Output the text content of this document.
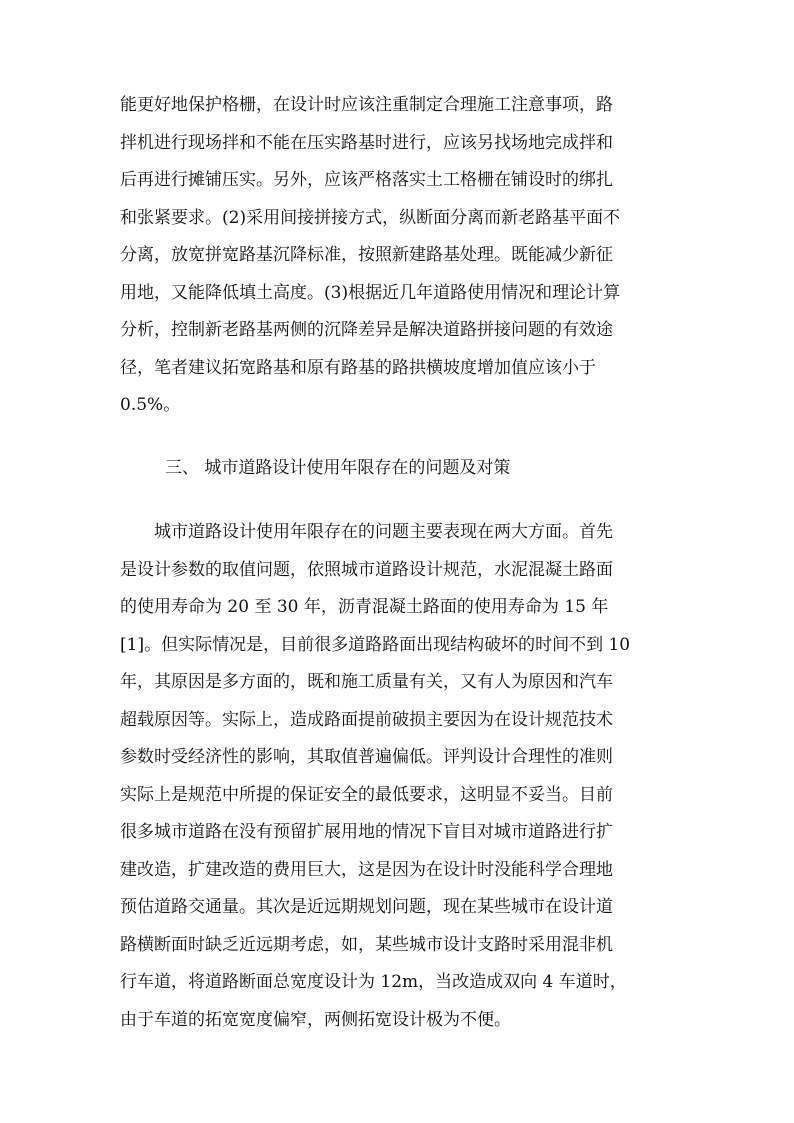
能更好地保护格栅，在设计时应该注重制定合理施工注意事项，路
拌机进行现场拌和不能在压实路基时进行，应该另找场地完成拌和
后再进行摊铺压实。另外，应该严格落实土工格栅在铺设时的绑扎
和张紧要求。(2)采用间接拼接方式，纵断面分离而新老路基平面不
分离，放宽拼宽路基沉降标准，按照新建路基处理。既能减少新征
用地，又能降低填土高度。(3)根据近几年道路使用情况和理论计算
分析，控制新老路基两侧的沉降差异是解决道路拼接问题的有效途
径，笔者建议拓宽路基和原有路基的路拱横坡度增加值应该小于
0.5%。
三、 城市道路设计使用年限存在的问题及对策
城市道路设计使用年限存在的问题主要表现在两大方面。首先
是设计参数的取值问题，依照城市道路设计规范，水泥混凝土路面
的使用寿命为 20 至 30 年，沥青混凝土路面的使用寿命为 15 年
[1]。但实际情况是，目前很多道路路面出现结构破坏的时间不到 10
年，其原因是多方面的，既和施工质量有关，又有人为原因和汽车
超载原因等。实际上，造成路面提前破损主要因为在设计规范技术
参数时受经济性的影响，其取值普遍偏低。评判设计合理性的准则
实际上是规范中所提的保证安全的最低要求，这明显不妥当。目前
很多城市道路在没有预留扩展用地的情况下盲目对城市道路进行扩
建改造，扩建改造的费用巨大，这是因为在设计时没能科学合理地
预估道路交通量。其次是近远期规划问题，现在某些城市在设计道
路横断面时缺乏近远期考虑，如，某些城市设计支路时采用混非机
行车道，将道路断面总宽度设计为 12m，当改造成双向 4 车道时，
由于车道的拓宽宽度偏窄，两侧拓宽设计极为不便。
